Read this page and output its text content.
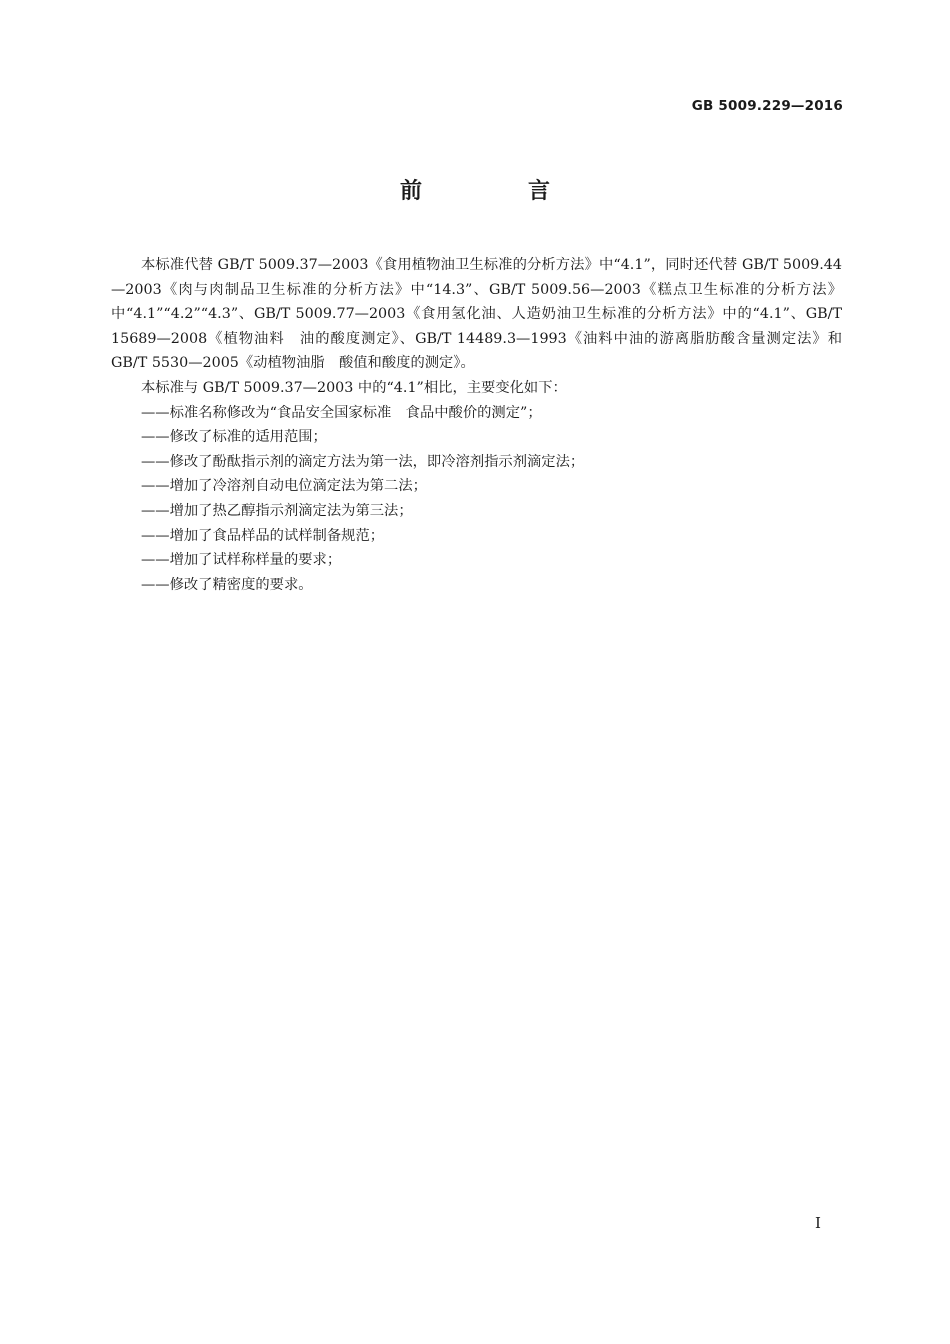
GB 5009.229—2016
前　言

本标准代替 GB/T 5009.37—2003《食用植物油卫生标准的分析方法》中“4.1”，同时还代替 GB/T 5009.44—2003《肉与肉制品卫生标准的分析方法》中“14.3”、GB/T 5009.56—2003《糕点卫生标准的分析方法》中“4.1”“4.2”“4.3”、GB/T 5009.77—2003《食用氢化油、人造奶油卫生标准的分析方法》中的“4.1”、GB/T 15689—2008《植物油料　油的酸度测定》、GB/T 14489.3—1993《油料中油的游离脂肪酸含量测定法》和 GB/T 5530—2005《动植物油脂　酸值和酸度的测定》。

本标准与 GB/T 5009.37—2003 中的“4.1”相比，主要变化如下：

——标准名称修改为“食品安全国家标准　食品中酸价的测定”；
——修改了标准的适用范围；
——修改了酚酞指示剂的滴定方法为第一法，即冷溶剂指示剂滴定法；
——增加了冷溶剂自动电位滴定法为第二法；
——增加了热乙醇指示剂滴定法为第三法；
——增加了食品样品的试样制备规范；
——增加了试样称样量的要求；
——修改了精密度的要求。
I
